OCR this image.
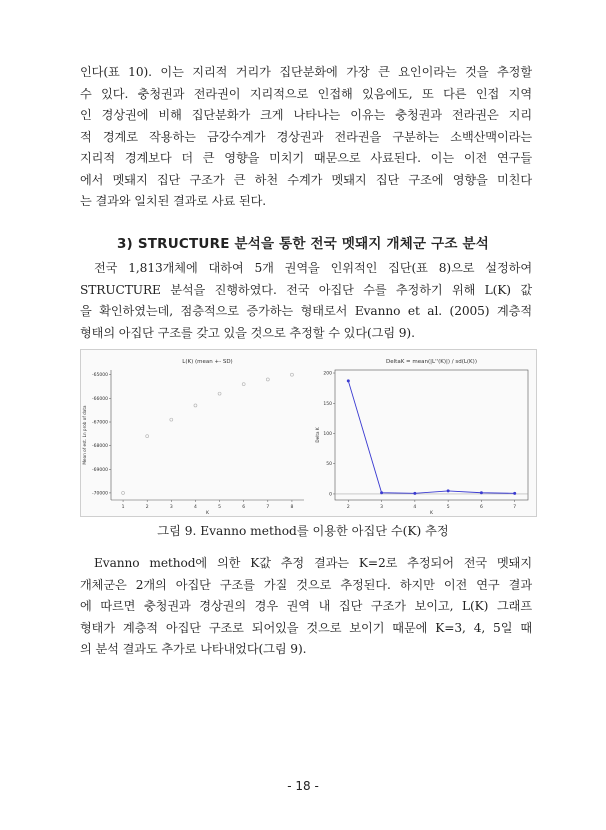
인다(표 10). 이는 지리적 거리가 집단분화에 가장 큰 요인이라는 것을 추정할
수 있다. 충청권과 전라권이 지리적으로 인접해 있음에도, 또 다른 인접 지역
인 경상권에 비해 집단분화가 크게 나타나는 이유는 충청권과 전라권은 지리
적 경계로 작용하는 금강수계가 경상권과 전라권을 구분하는 소백산맥이라는
지리적 경계보다 더 큰 영향을 미치기 때문으로 사료된다. 이는 이전 연구들
에서 멧돼지 집단 구조가 큰 하천 수계가 멧돼지 집단 구조에 영향을 미친다
는 결과와 일치된 결과로 사료 된다.
3) STRUCTURE 분석을 통한 전국 멧돼지 개체군 구조 분석
전국 1,813개체에 대하여 5개 권역을 인위적인 집단(표 8)으로 설정하여
STRUCTURE 분석을 진행하였다. 전국 아집단 수를 추정하기 위해 L(K) 값
을 확인하였는데, 점층적으로 증가하는 형태로서 Evanno et al. (2005) 계층적
형태의 아집단 구조를 갖고 있을 것으로 추정할 수 있다(그림 9).
L(K) (mean +- SD)
1	2	3	4	5	6	7	8
-65000
-66000
-67000
-68000
-69000
-70000
K
Mean of est. Ln prob of data
DeltaK = mean(|L''(K)|) / sd(L(K))
2	3	4	5	6	7
0
50
100
150
200
K
Delta K
그림 9. Evanno method를 이용한 아집단 수(K) 추정
Evanno method에 의한 K값 추정 결과는 K=2로 추정되어 전국 멧돼지
개체군은 2개의 아집단 구조를 가질 것으로 추정된다. 하지만 이전 연구 결과
에 따르면 충청권과 경상권의 경우 권역 내 집단 구조가 보이고, L(K) 그래프
형태가 계층적 아집단 구조로 되어있을 것으로 보이기 때문에 K=3, 4, 5일 때
의 분석 결과도 추가로 나타내었다(그림 9).
- 18 -
